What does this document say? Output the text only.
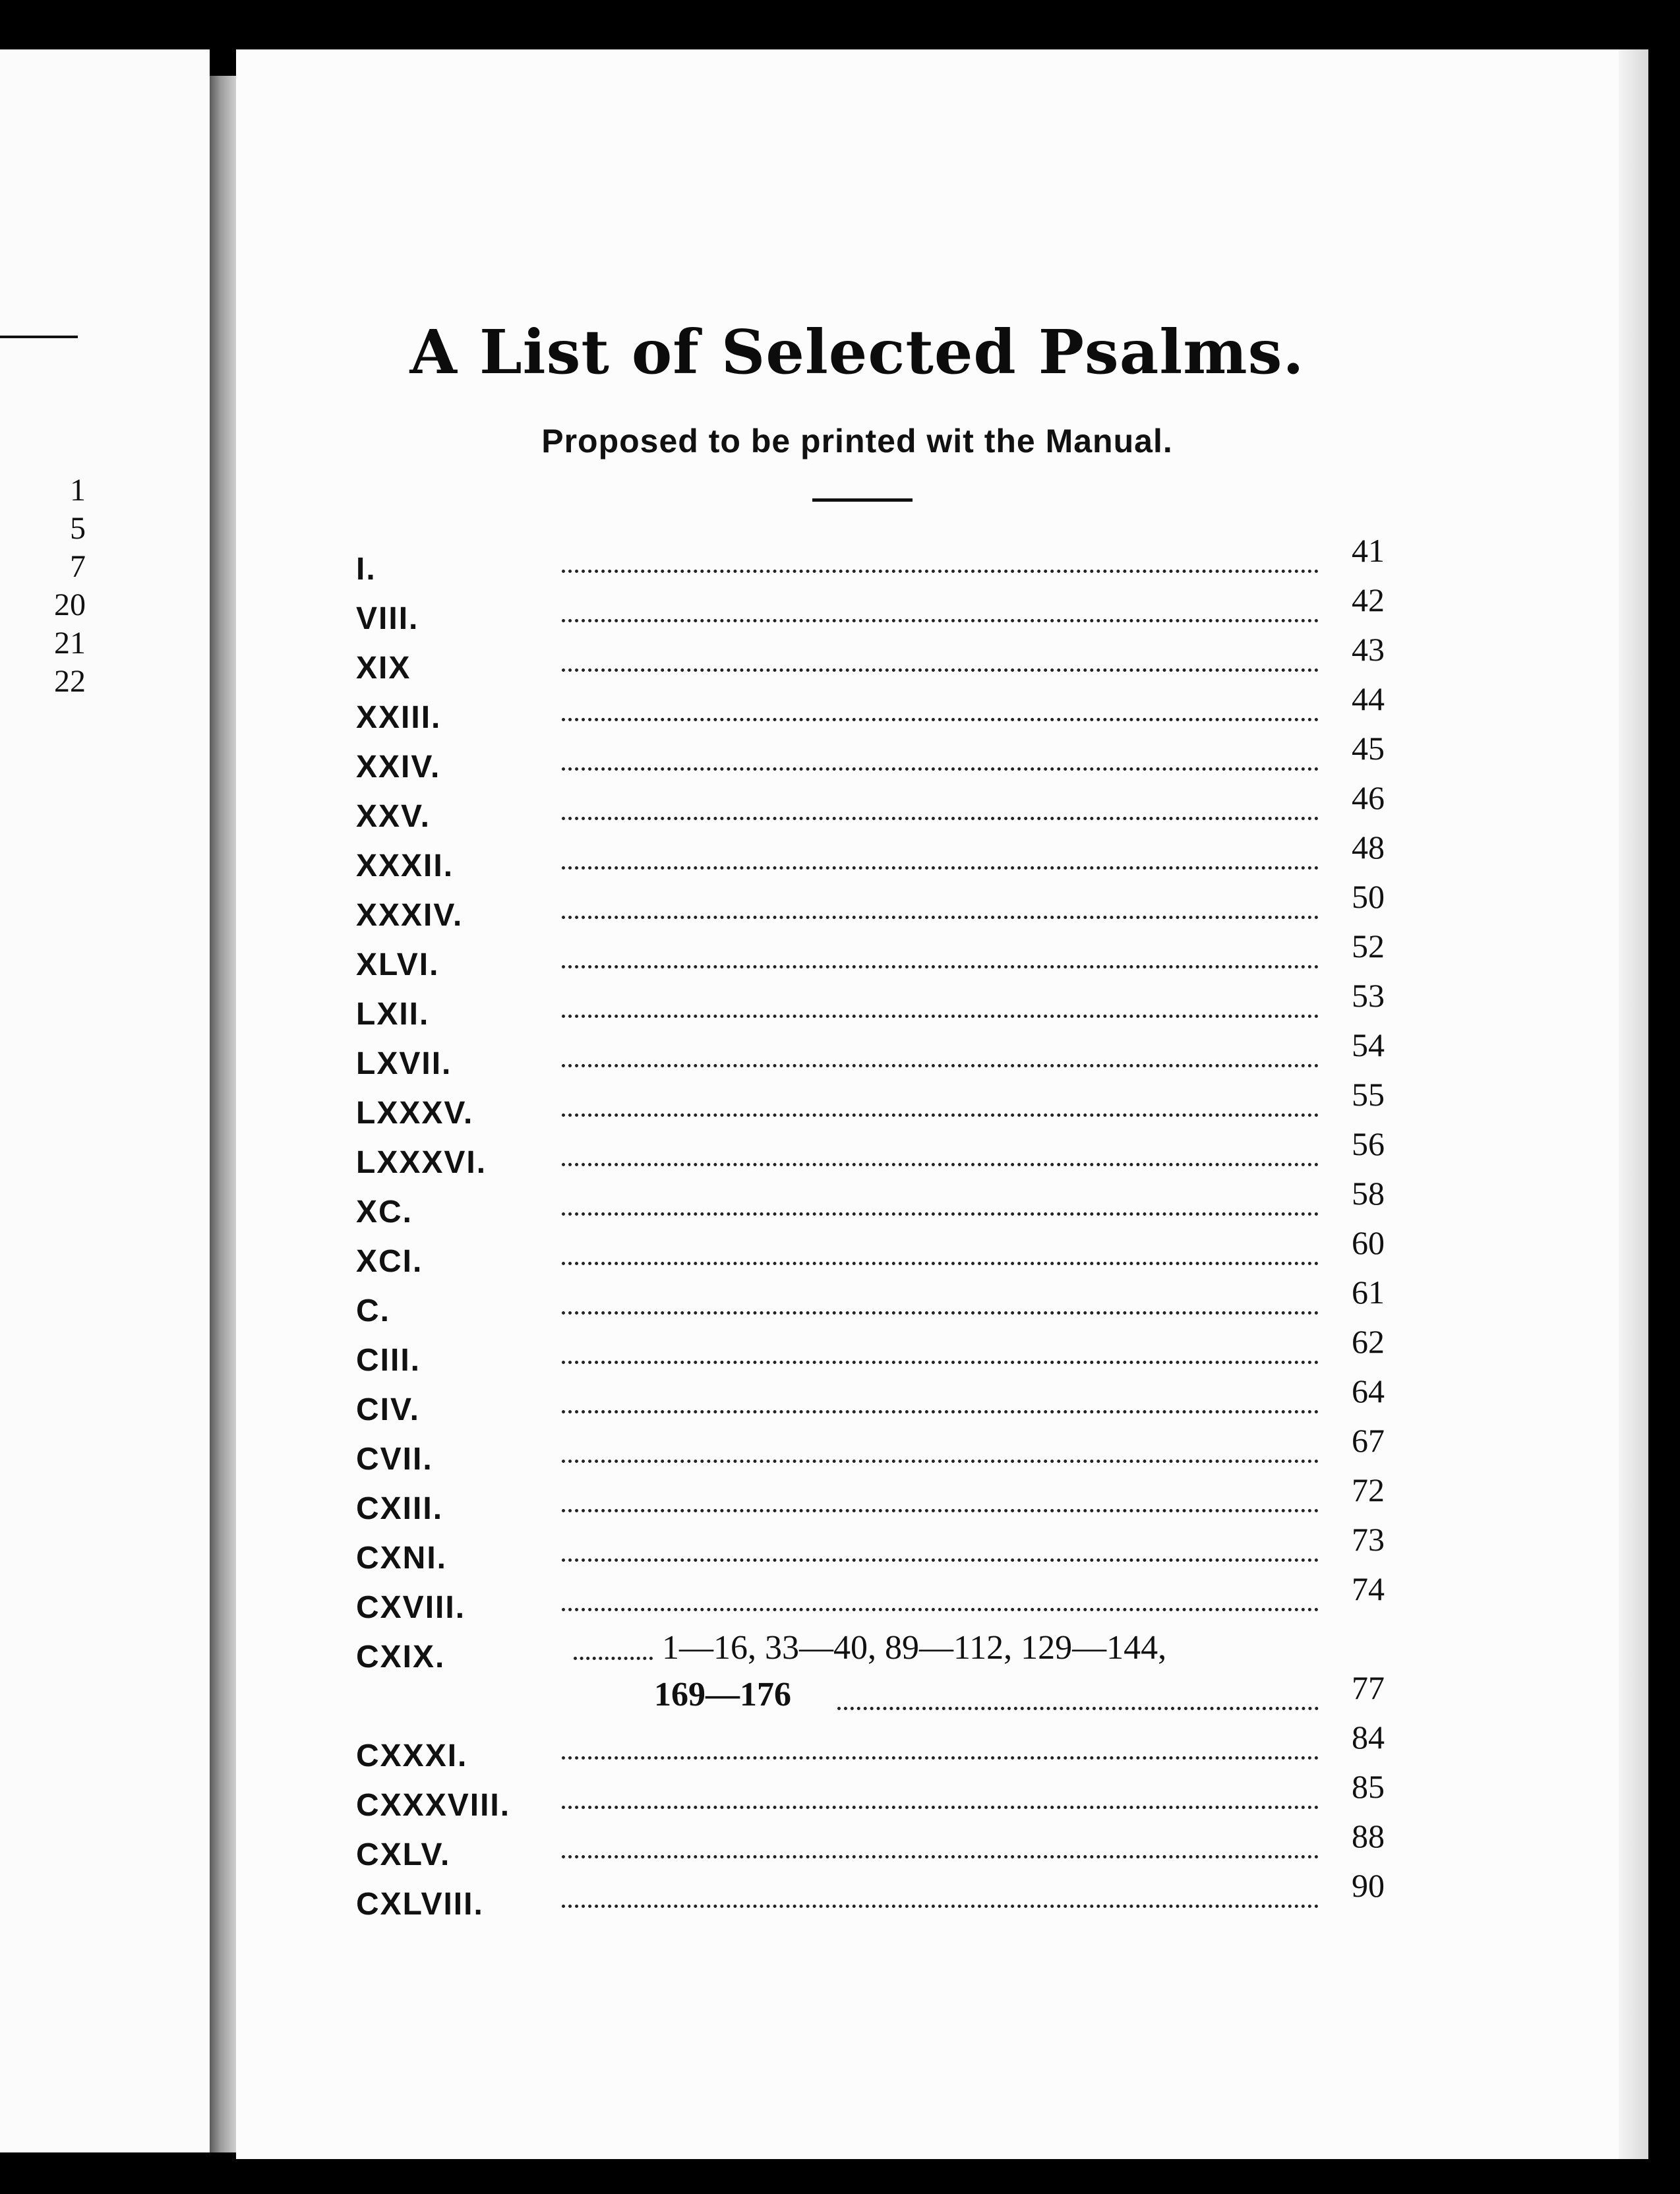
1
5
7
20
21
22
A List of Selected Psalms.
Proposed to be printed wit the Manual.
I.
41
VIII.
42
XIX
43
XXIII.
44
XXIV.
45
XXV.
46
XXXII.
48
XXXIV.
50
XLVI.
52
LXII.
53
LXVII.
54
LXXXV.
55
LXXXVI.
56
XC.
58
XCI.
60
C.
61
CIII.
62
CIV.
64
CVII.
67
CXIII.
72
CXNI.
73
CXVIII.
74
CXIX.	1—16, 33—40, 89—112, 129—144,
169—176	77
CXXXI.
84
CXXXVIII.
85
CXLV.
88
CXLVIII.
90
